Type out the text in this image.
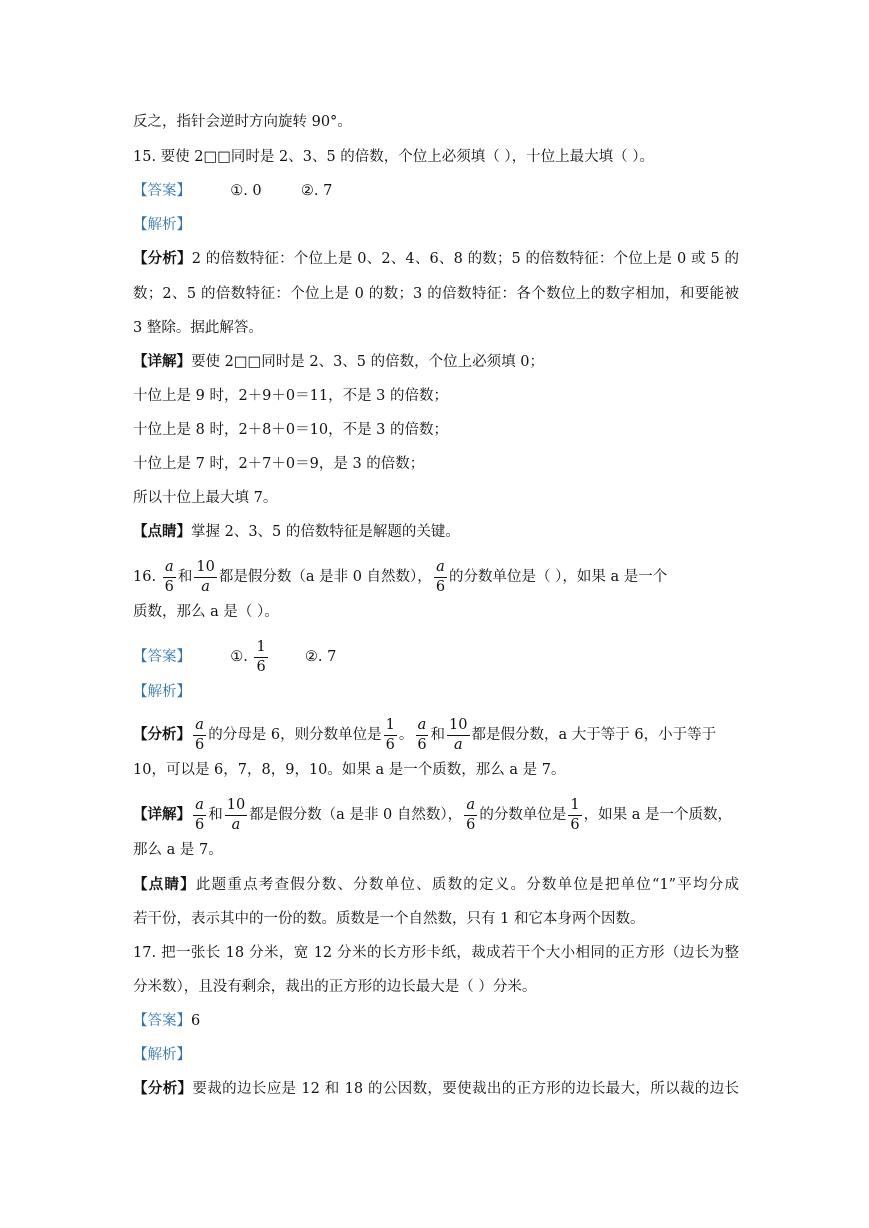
反之，指针会逆时方向旋转 90°。
15. 要使 2□□同时是 2、3、5 的倍数，个位上必须填（ ），十位上最大填（ ）。
【答案】	①. 0	②. 7
【解析】
【分析】2 的倍数特征：个位上是 0、2、4、6、8 的数；5 的倍数特征：个位上是 0 或 5 的
数；2、5 的倍数特征：个位上是 0 的数；3 的倍数特征：各个数位上的数字相加，和要能被
3 整除。据此解答。
【详解】要使 2□□同时是 2、3、5 的倍数，个位上必须填 0；
十位上是 9 时，2＋9＋0＝11，不是 3 的倍数；
十位上是 8 时，2＋8＋0＝10，不是 3 的倍数；
十位上是 7 时，2＋7＋0＝9，是 3 的倍数；
所以十位上最大填 7。
【点睛】掌握 2、3、5 的倍数特征是解题的关键。
16. $\frac{a}{6}$ 和 $\frac{10}{a}$ 都是假分数（a 是非 0 自然数）， $\frac{a}{6}$ 的分数单位是（ ），如果 a 是一个
质数，那么 a 是（ ）。
【答案】	①. $\frac{1}{6}$	②. 7
【解析】
【分析】 $\frac{a}{6}$ 的分母是 6，则分数单位是 $\frac{1}{6}$ 。 $\frac{a}{6}$ 和 $\frac{10}{a}$ 都是假分数，a 大于等于 6，小于等于
10，可以是 6，7，8，9，10。如果 a 是一个质数，那么 a 是 7。
【详解】 $\frac{a}{6}$ 和 $\frac{10}{a}$ 都是假分数（a 是非 0 自然数）， $\frac{a}{6}$ 的分数单位是 $\frac{1}{6}$ ，如果 a 是一个质数，
那么 a 是 7。
【点睛】此题重点考查假分数、分数单位、质数的定义。分数单位是把单位“1”平均分成
若干份，表示其中的一份的数。质数是一个自然数，只有 1 和它本身两个因数。
17. 把一张长 18 分米，宽 12 分米的长方形卡纸，裁成若干个大小相同的正方形（边长为整
分米数），且没有剩余，裁出的正方形的边长最大是（ ）分米。
【答案】6
【解析】
【分析】要裁的边长应是 12 和 18 的公因数，要使裁出的正方形的边长最大，所以裁的边长
